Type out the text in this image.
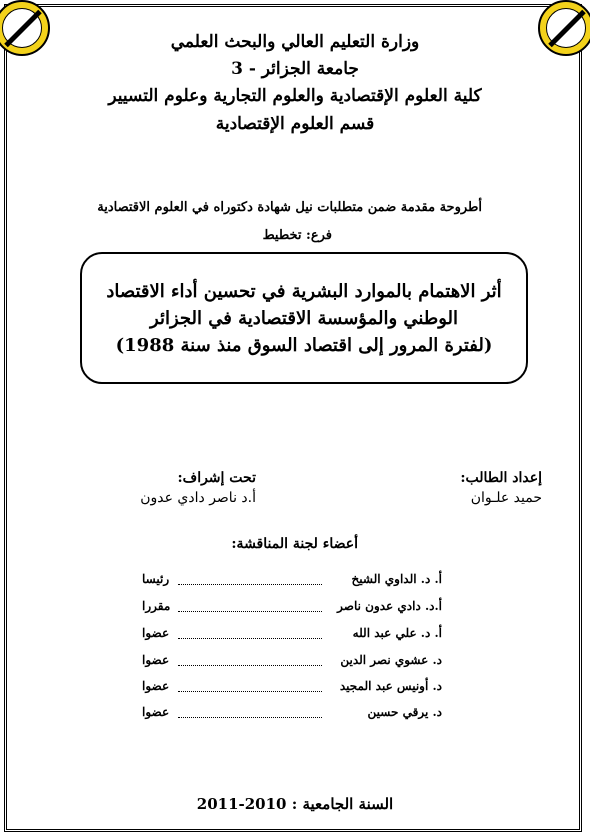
وزارة التعليم العالي والبحث العلمي
جامعة الجزائر - 3
كلية العلوم الإقتصادية والعلوم التجارية وعلوم التسيير
قسم العلوم الإقتصادية
أطروحة مقدمة ضمن متطلبات نيل شهادة دكتوراه في العلوم الاقتصادية
فرع: تخطيط
أثر الاهتمام بالموارد البشرية في تحسين أداء الاقتصاد
الوطني والمؤسسة الاقتصادية في الجزائر
(لفترة المرور إلى اقتصاد السوق منذ سنة 1988)
إعداد الطالب:
حميد علـوان
تحت إشراف:
أ.د ناصر دادي عدون
أعضاء لجنة المناقشة:
أ. د. الداوي الشيخ
رئيسا
أ.د. دادي عدون ناصر
مقررا
أ. د. علي عبد الله
عضوا
د. عشوي نصر الدين
عضوا
د. أونيس عبد المجيد
عضوا
د. يرقي حسين
عضوا
السنة الجامعية : 2010-2011
